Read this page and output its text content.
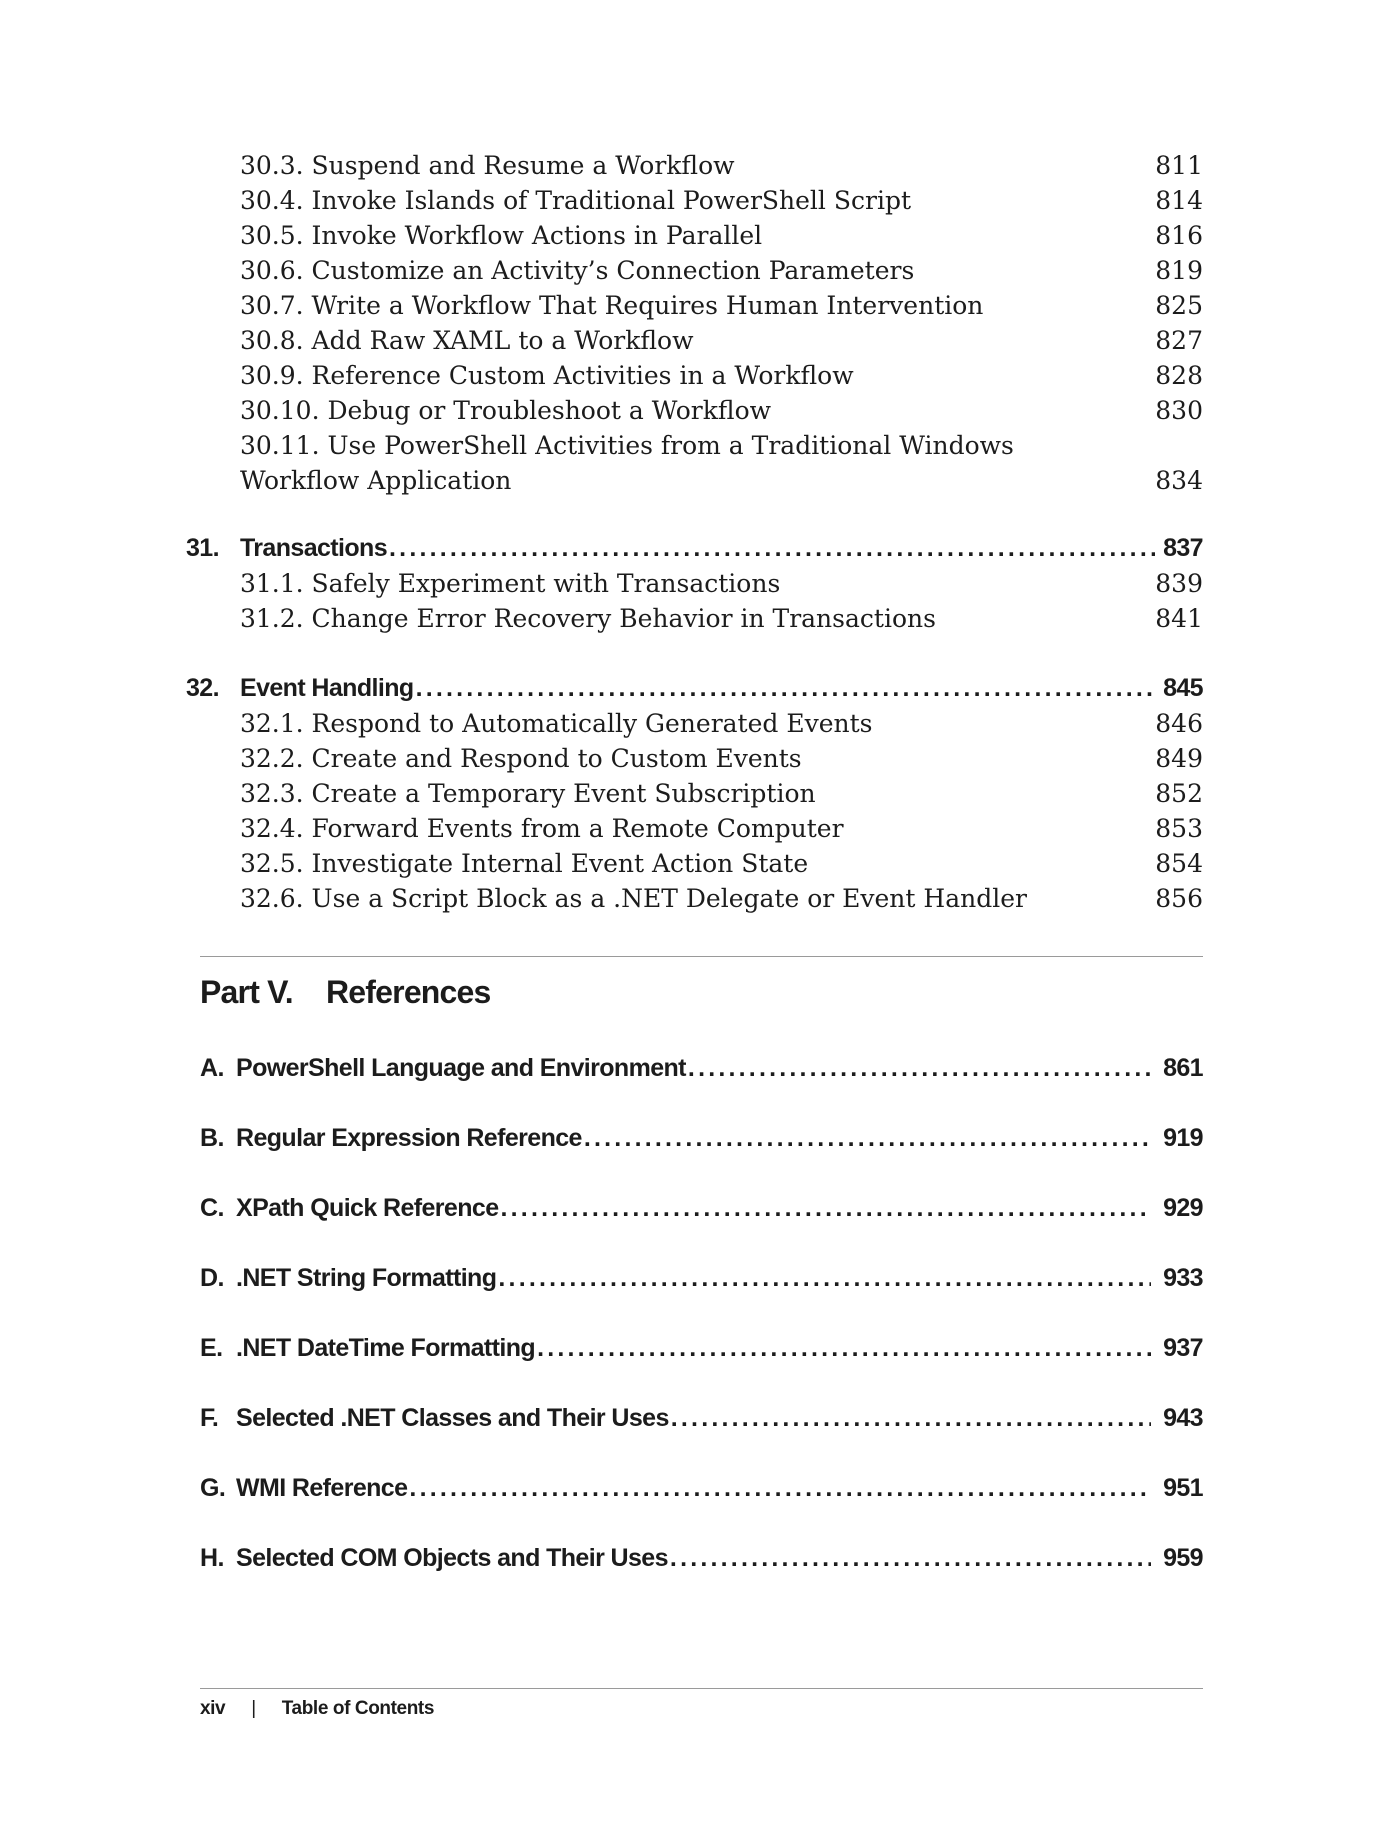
30.3. Suspend and Resume a Workflow	811
30.4. Invoke Islands of Traditional PowerShell Script	814
30.5. Invoke Workflow Actions in Parallel	816
30.6. Customize an Activity’s Connection Parameters	819
30.7. Write a Workflow That Requires Human Intervention	825
30.8. Add Raw XAML to a Workflow	827
30.9. Reference Custom Activities in a Workflow	828
30.10. Debug or Troubleshoot a Workflow	830
30.11. Use PowerShell Activities from a Traditional Windows Workflow Application	834
31. Transactions .....	837
31.1. Safely Experiment with Transactions	839
31.2. Change Error Recovery Behavior in Transactions	841
32. Event Handling .....	845
32.1. Respond to Automatically Generated Events	846
32.2. Create and Respond to Custom Events	849
32.3. Create a Temporary Event Subscription	852
32.4. Forward Events from a Remote Computer	853
32.5. Investigate Internal Event Action State	854
32.6. Use a Script Block as a .NET Delegate or Event Handler	856
Part V.	References
A. PowerShell Language and Environment .....	861
B. Regular Expression Reference .....	919
C. XPath Quick Reference .....	929
D. .NET String Formatting .....	933
E. .NET DateTime Formatting .....	937
F. Selected .NET Classes and Their Uses .....	943
G. WMI Reference .....	951
H. Selected COM Objects and Their Uses .....	959
xiv | Table of Contents
